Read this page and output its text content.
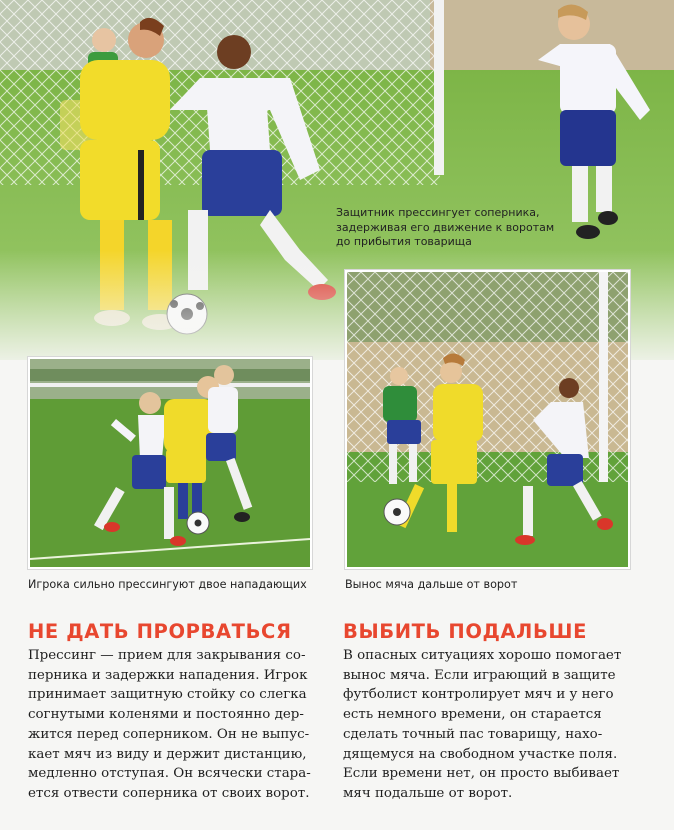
Защитник прессингует соперника,
задерживая его движение к воротам
до прибытия товарища
Игрока сильно прессингуют двое нападающих	Вынос мяча дальше от ворот
НЕ ДАТЬ ПРОРВАТЬСЯ
Прессинг — прием для закрывания со-
перника и задержки нападения. Игрок
принимает защитную стойку со слегка
согнутыми коленями и постоянно дер-
жится перед соперником. Он не выпус-
кает мяч из виду и держит дистанцию,
медленно отступая. Он всячески стара-
ется отвести соперника от своих ворот.
ВЫБИТЬ ПОДАЛЬШЕ
В опасных ситуациях хорошо помогает
вынос мяча. Если играющий в защите
футболист контролирует мяч и у него
есть немного времени, он старается
сделать точный пас товарищу, нахо-
дящемуся на свободном участке поля.
Если времени нет, он просто выбивает
мяч подальше от ворот.
